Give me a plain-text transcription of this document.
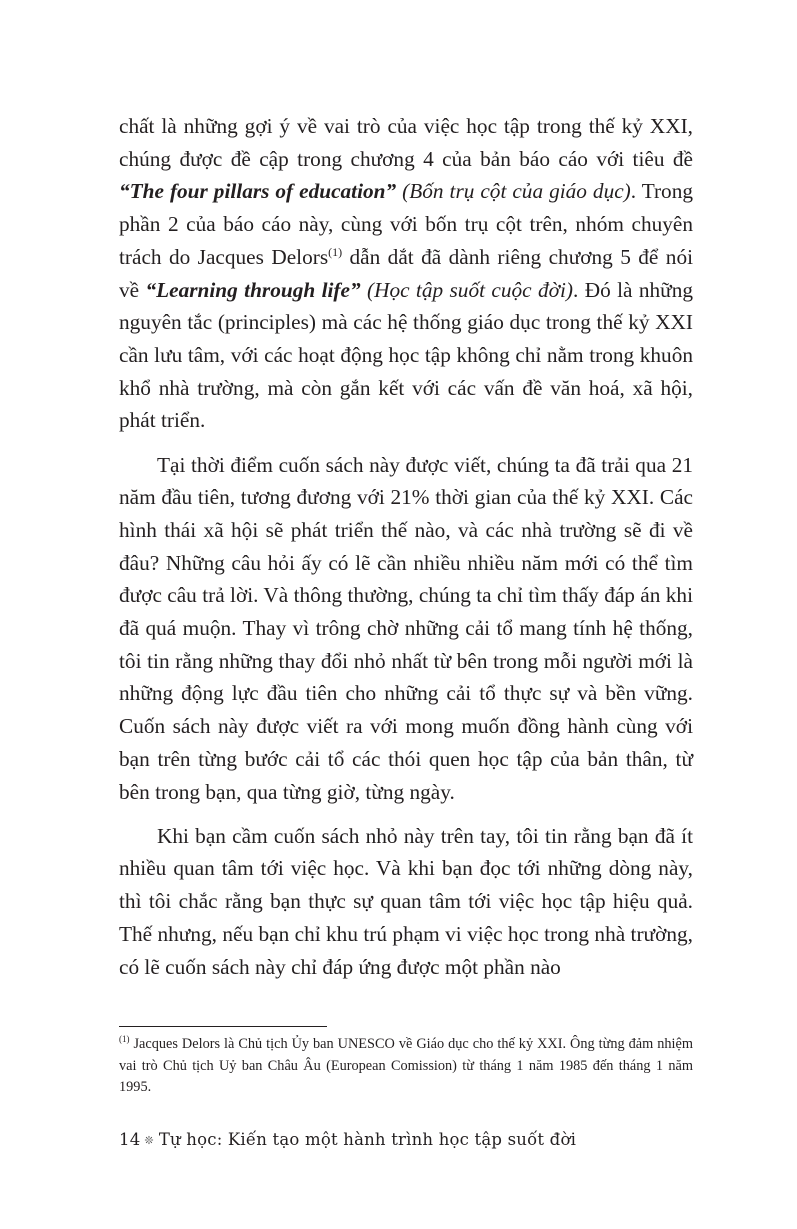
chất là những gợi ý về vai trò của việc học tập trong thế kỷ XXI, chúng được đề cập trong chương 4 của bản báo cáo với tiêu đề “The four pillars of education” (Bốn trụ cột của giáo dục). Trong phần 2 của báo cáo này, cùng với bốn trụ cột trên, nhóm chuyên trách do Jacques Delors$^{(1)}$ dẫn dắt đã dành riêng chương 5 để nói về “Learning through life” (Học tập suốt cuộc đời). Đó là những nguyên tắc (principles) mà các hệ thống giáo dục trong thế kỷ XXI cần lưu tâm, với các hoạt động học tập không chỉ nằm trong khuôn khổ nhà trường, mà còn gắn kết với các vấn đề văn hoá, xã hội, phát triển.

Tại thời điểm cuốn sách này được viết, chúng ta đã trải qua 21 năm đầu tiên, tương đương với 21% thời gian của thế kỷ XXI. Các hình thái xã hội sẽ phát triển thế nào, và các nhà trường sẽ đi về đâu? Những câu hỏi ấy có lẽ cần nhiều nhiều năm mới có thể tìm được câu trả lời. Và thông thường, chúng ta chỉ tìm thấy đáp án khi đã quá muộn. Thay vì trông chờ những cải tổ mang tính hệ thống, tôi tin rằng những thay đổi nhỏ nhất từ bên trong mỗi người mới là những động lực đầu tiên cho những cải tổ thực sự và bền vững. Cuốn sách này được viết ra với mong muốn đồng hành cùng với bạn trên từng bước cải tổ các thói quen học tập của bản thân, từ bên trong bạn, qua từng giờ, từng ngày.

Khi bạn cầm cuốn sách nhỏ này trên tay, tôi tin rằng bạn đã ít nhiều quan tâm tới việc học. Và khi bạn đọc tới những dòng này, thì tôi chắc rằng bạn thực sự quan tâm tới việc học tập hiệu quả. Thế nhưng, nếu bạn chỉ khu trú phạm vi việc học trong nhà trường, có lẽ cuốn sách này chỉ đáp ứng được một phần nào

$^{(1)}$ Jacques Delors là Chủ tịch Ủy ban UNESCO về Giáo dục cho thế kỷ XXI. Ông từng đảm nhiệm vai trò Chủ tịch Uỷ ban Châu Âu (European Comission) từ tháng 1 năm 1985 đến tháng 1 năm 1995.

14 ❊ Tự học: Kiến tạo một hành trình học tập suốt đời
